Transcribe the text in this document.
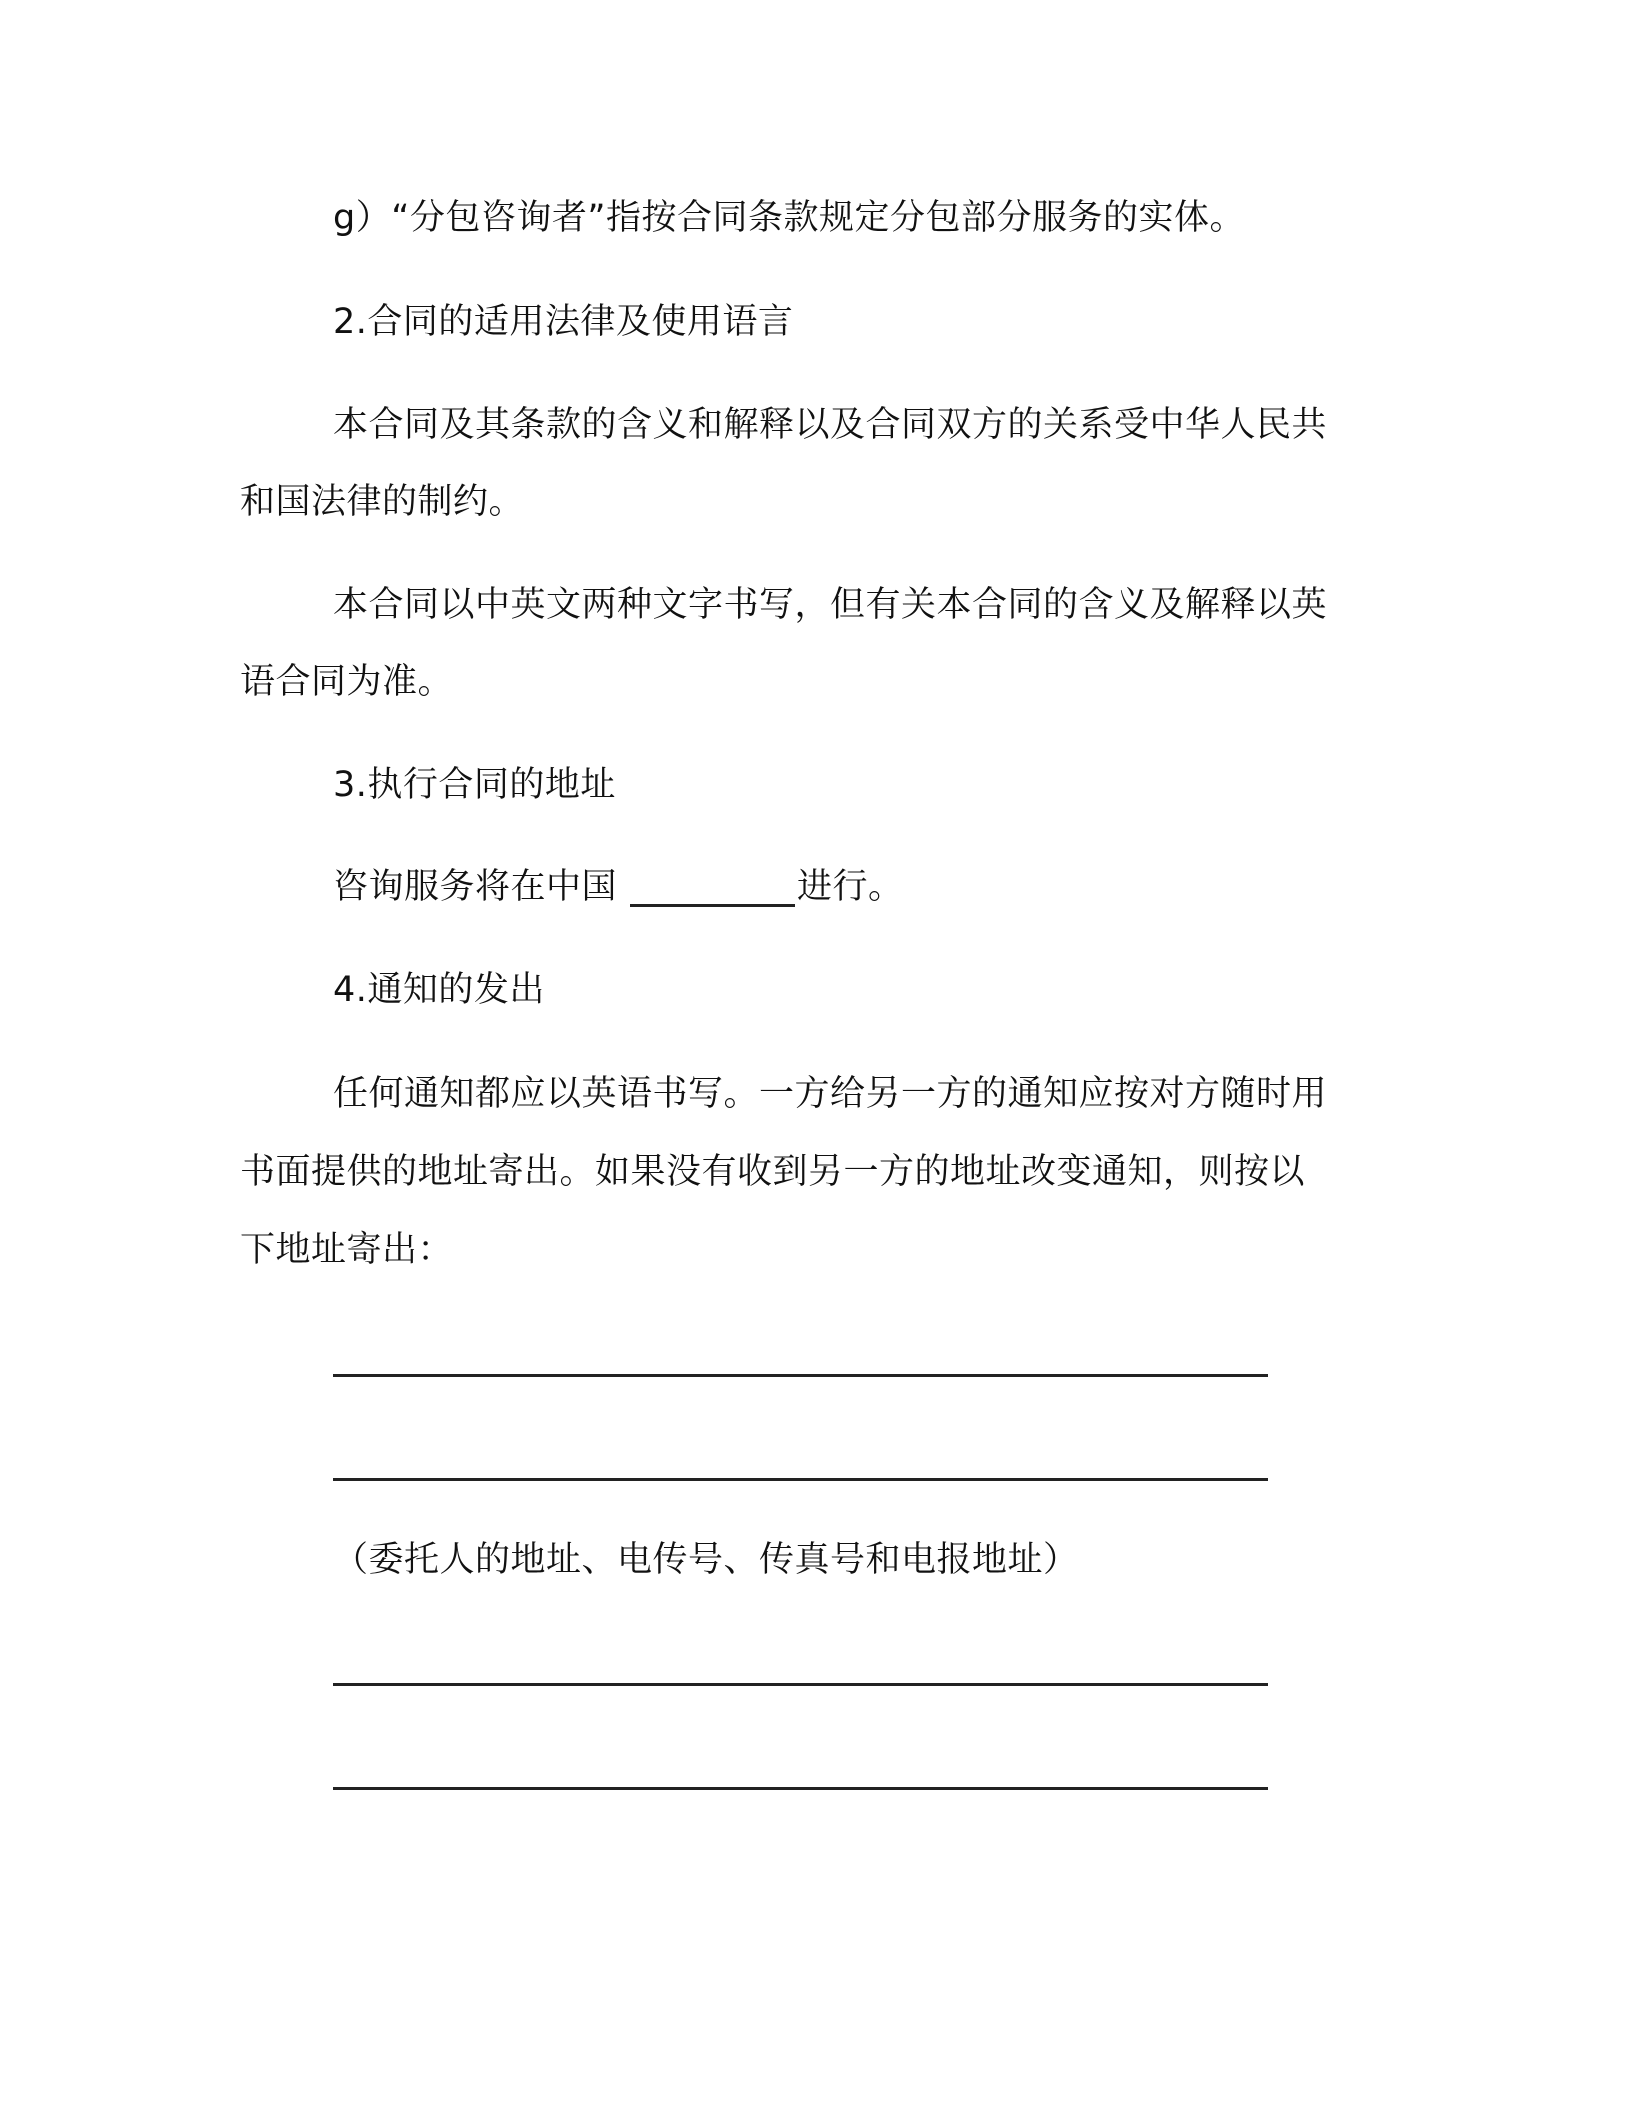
g）“分包咨询者”指按合同条款规定分包部分服务的实体。
2.合同的适用法律及使用语言
本合同及其条款的含义和解释以及合同双方的关系受中华人民共
和国法律的制约。
本合同以中英文两种文字书写，但有关本合同的含义及解释以英
语合同为准。
3.执行合同的地址
咨询服务将在中国	进行。
4.通知的发出
任何通知都应以英语书写。一方给另一方的通知应按对方随时用
书面提供的地址寄出。如果没有收到另一方的地址改变通知，则按以
下地址寄出：
（委托人的地址、电传号、传真号和电报地址）
